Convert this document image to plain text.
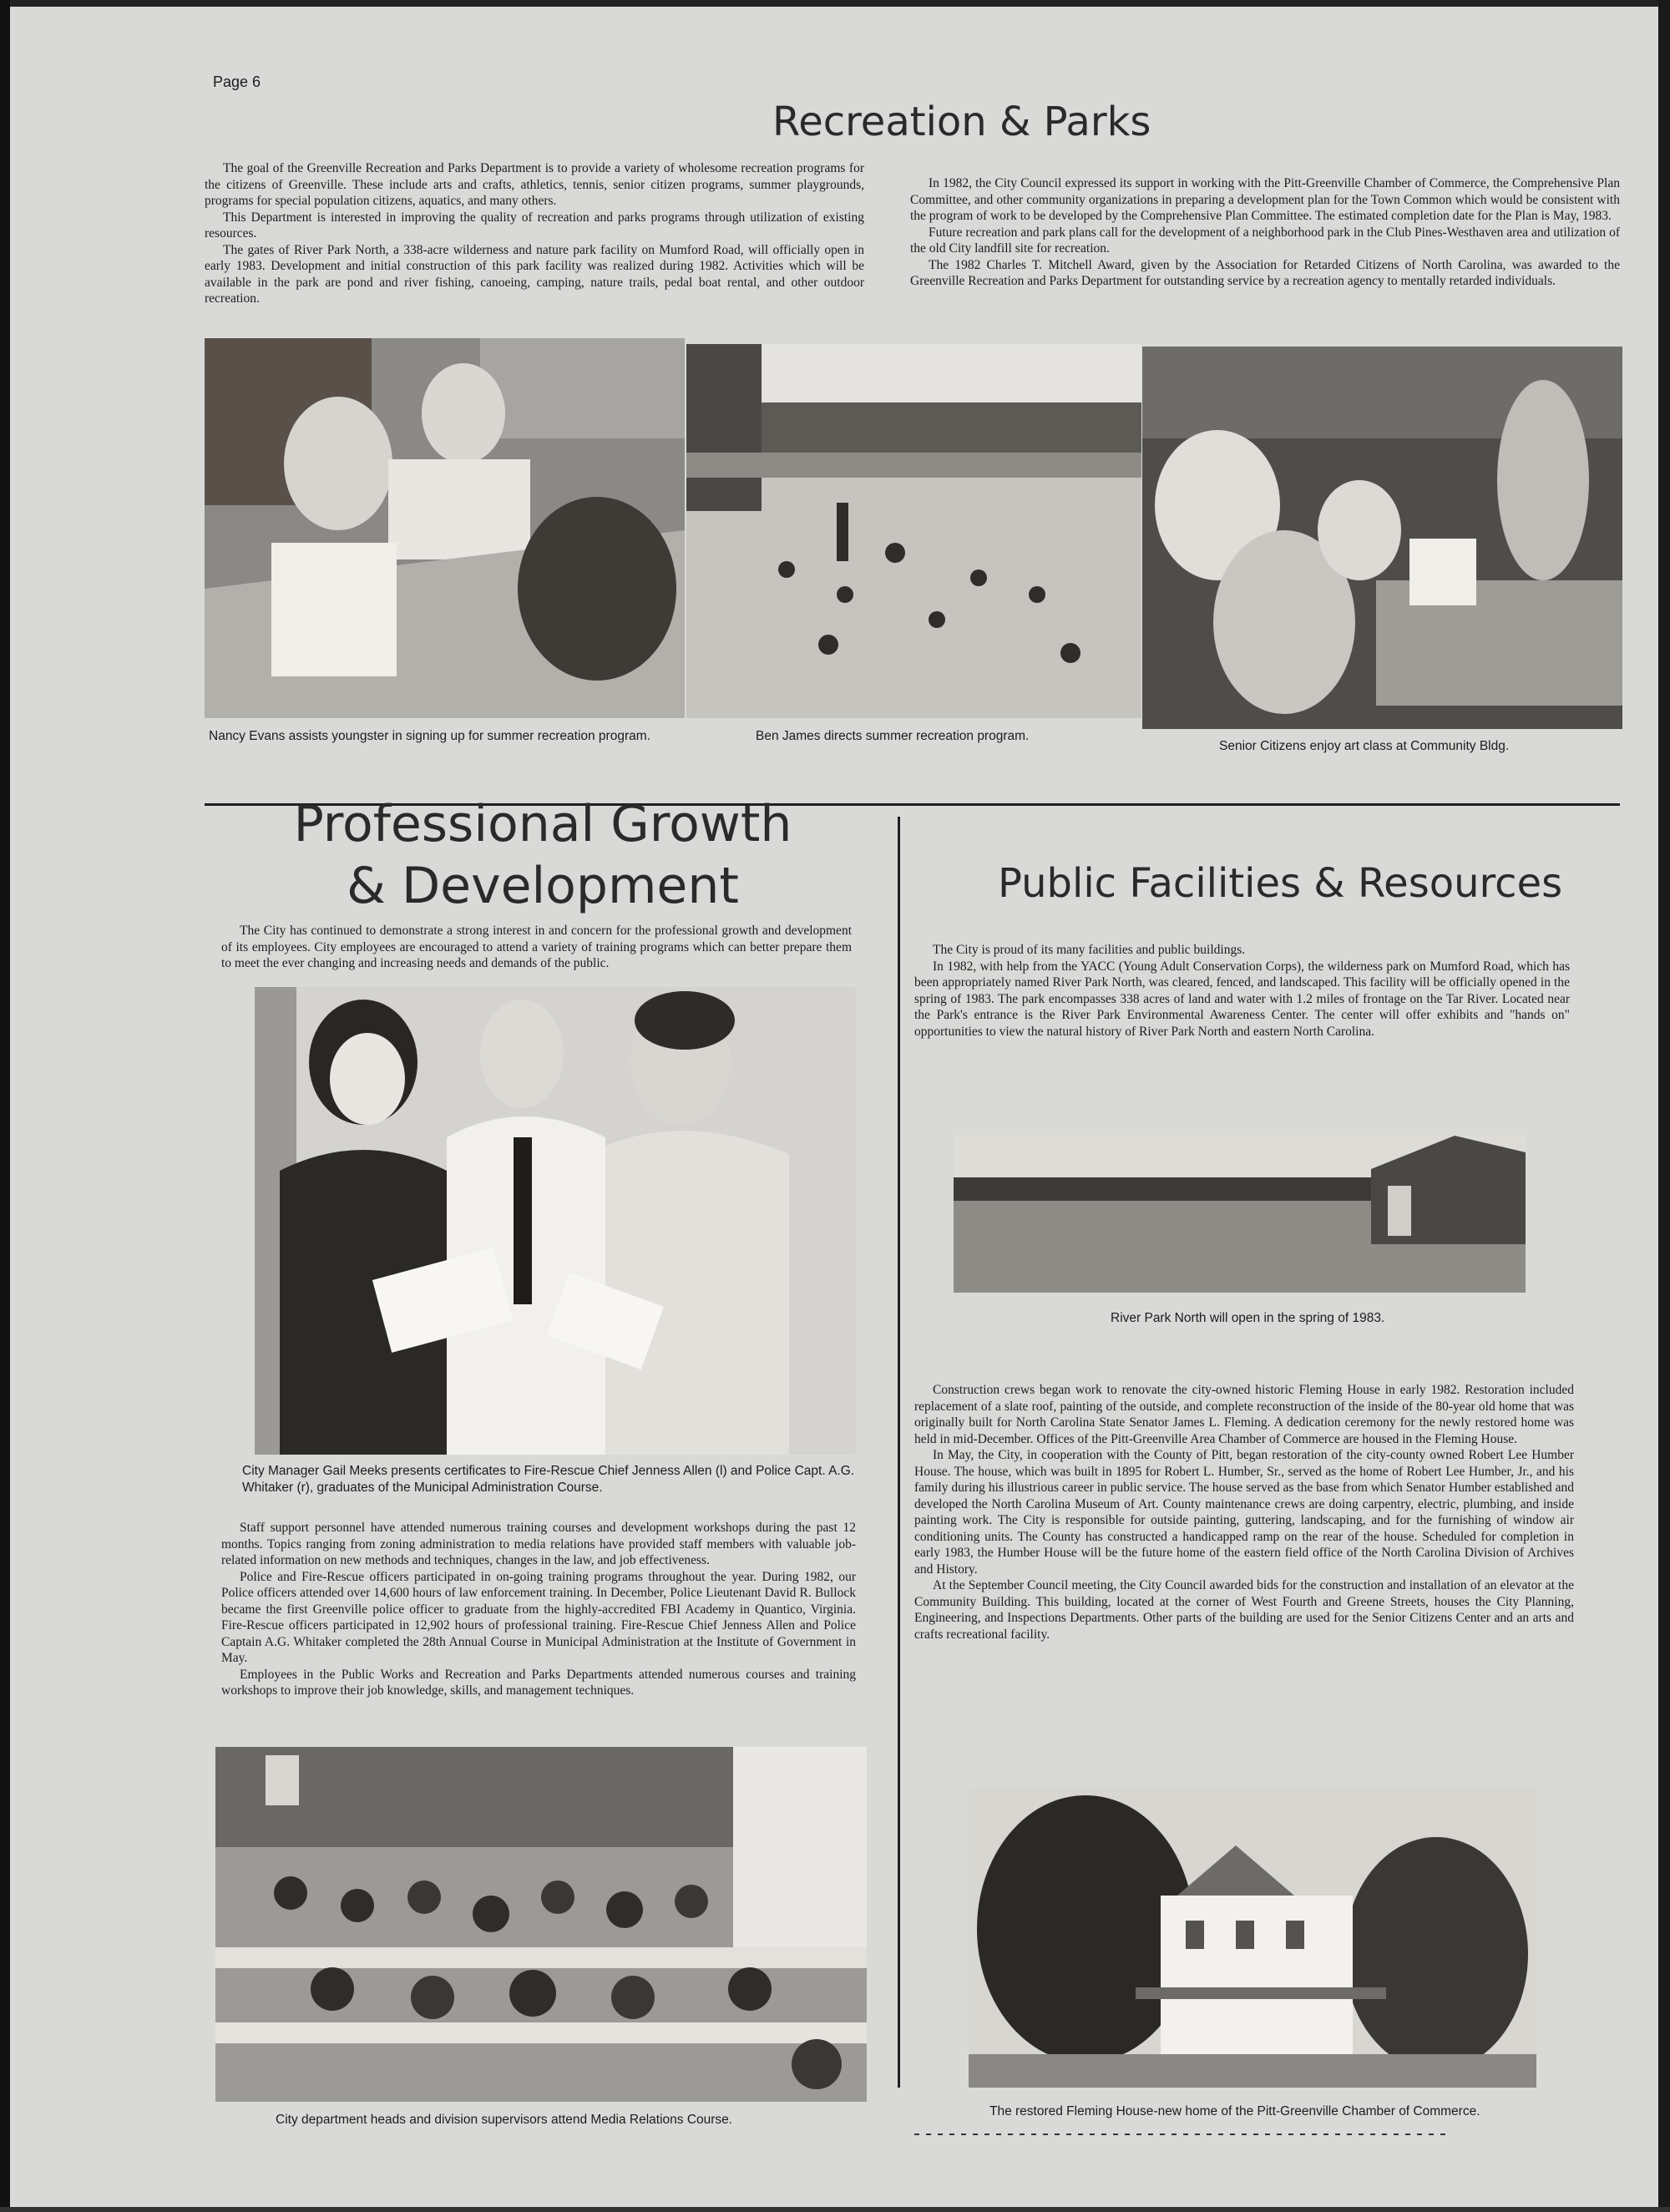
Page 6
Recreation & Parks

The goal of the Greenville Recreation and Parks Department is to provide a variety of wholesome recreation programs for the citizens of Greenville. These include arts and crafts, athletics, tennis, senior citizen programs, summer playgrounds, programs for special population citizens, aquatics, and many others.

This Department is interested in improving the quality of recreation and parks programs through utilization of existing resources.

The gates of River Park North, a 338-acre wilderness and nature park facility on Mumford Road, will officially open in early 1983. Development and initial construction of this park facility was realized during 1982. Activities which will be available in the park are pond and river fishing, canoeing, camping, nature trails, pedal boat rental, and other outdoor recreation.

In 1982, the City Council expressed its support in working with the Pitt-Greenville Chamber of Commerce, the Comprehensive Plan Committee, and other community organizations in preparing a development plan for the Town Common which would be consistent with the program of work to be developed by the Comprehensive Plan Committee. The estimated completion date for the Plan is May, 1983.

Future recreation and park plans call for the development of a neighborhood park in the Club Pines-Westhaven area and utilization of the old City landfill site for recreation.

The 1982 Charles T. Mitchell Award, given by the Association for Retarded Citizens of North Carolina, was awarded to the Greenville Recreation and Parks Department for outstanding service by a recreation agency to mentally retarded individuals.

Nancy Evans assists youngster in signing up for summer recreation program.	Ben James directs summer recreation program.
Senior Citizens enjoy art class at Community Bldg.
Professional Growth
& Development

The City has continued to demonstrate a strong interest in and concern for the professional growth and development of its employees. City employees are encouraged to attend a variety of training programs which can better prepare them to meet the ever changing and increasing needs and demands of the public.

City Manager Gail Meeks presents certificates to Fire-Rescue Chief Jenness Allen (l) and Police Capt. A.G. Whitaker (r), graduates of the Municipal Administration Course.

Staff support personnel have attended numerous training courses and development workshops during the past 12 months. Topics ranging from zoning administration to media relations have provided staff members with valuable job-related information on new methods and techniques, changes in the law, and job effectiveness.

Police and Fire-Rescue officers participated in on-going training programs throughout the year. During 1982, our Police officers attended over 14,600 hours of law enforcement training. In December, Police Lieutenant David R. Bullock became the first Greenville police officer to graduate from the highly-accredited FBI Academy in Quantico, Virginia. Fire-Rescue officers participated in 12,902 hours of professional training. Fire-Rescue Chief Jenness Allen and Police Captain A.G. Whitaker completed the 28th Annual Course in Municipal Administration at the Institute of Government in May.

Employees in the Public Works and Recreation and Parks Departments attended numerous courses and training workshops to improve their job knowledge, skills, and management techniques.

City department heads and division supervisors attend Media Relations Course.
Public Facilities & Resources

The City is proud of its many facilities and public buildings.

In 1982, with help from the YACC (Young Adult Conservation Corps), the wilderness park on Mumford Road, which has been appropriately named River Park North, was cleared, fenced, and landscaped. This facility will be officially opened in the spring of 1983. The park encompasses 338 acres of land and water with 1.2 miles of frontage on the Tar River. Located near the Park's entrance is the River Park Environmental Awareness Center. The center will offer exhibits and "hands on" opportunities to view the natural history of River Park North and eastern North Carolina.

River Park North will open in the spring of 1983.

Construction crews began work to renovate the city-owned historic Fleming House in early 1982. Restoration included replacement of a slate roof, painting of the outside, and complete reconstruction of the inside of the 80-year old home that was originally built for North Carolina State Senator James L. Fleming. A dedication ceremony for the newly restored home was held in mid-December. Offices of the Pitt-Greenville Area Chamber of Commerce are housed in the Fleming House.

In May, the City, in cooperation with the County of Pitt, began restoration of the city-county owned Robert Lee Humber House. The house, which was built in 1895 for Robert L. Humber, Sr., served as the home of Robert Lee Humber, Jr., and his family during his illustrious career in public service. The house served as the base from which Senator Humber established and developed the North Carolina Museum of Art. County maintenance crews are doing carpentry, electric, plumbing, and inside painting work. The City is responsible for outside painting, guttering, landscaping, and for the furnishing of window air conditioning units. The County has constructed a handicapped ramp on the rear of the house. Scheduled for completion in early 1983, the Humber House will be the future home of the eastern field office of the North Carolina Division of Archives and History.

At the September Council meeting, the City Council awarded bids for the construction and installation of an elevator at the Community Building. This building, located at the corner of West Fourth and Greene Streets, houses the City Planning, Engineering, and Inspections Departments. Other parts of the building are used for the Senior Citizens Center and an arts and crafts recreational facility.

The restored Fleming House-new home of the Pitt-Greenville Chamber of Commerce.
